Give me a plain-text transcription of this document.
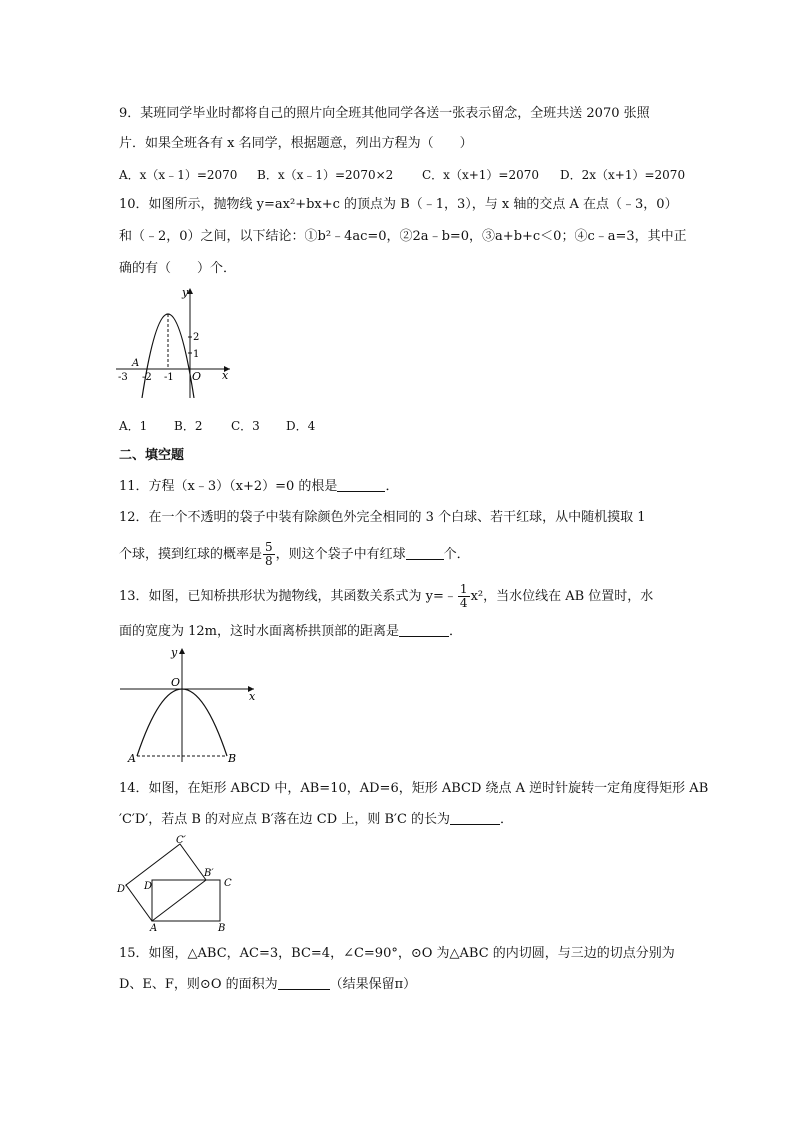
9．某班同学毕业时都将自己的照片向全班其他同学各送一张表示留念，全班共送 2070 张照
片．如果全班各有 x 名同学，根据题意，列出方程为（　　）
A．x（x﹣1）=2070 B．x（x﹣1）=2070×2 C．x（x+1）=2070 D．2x（x+1）=2070
10．如图所示，抛物线 y=ax²+bx+c 的顶点为 B（﹣1，3），与 x 轴的交点 A 在点（﹣3，0）
和（﹣2，0）之间，以下结论：①b²﹣4ac=0，②2a﹣b=0，③a+b+c＜0；④c﹣a=3，其中正
确的有（　　）个．
y
x
O
2
1
-1
-2
-3
A
A．1 B．2 C．3 D．4
二、填空题
11．方程（x﹣3）（x+2）=0 的根是	．
12．在一个不透明的袋子中装有除颜色外完全相同的 3 个白球、若干红球，从中随机摸取 1
个球，摸到红球的概率是 $\frac{5}{8}$ ，则这个袋子中有红球	个．
13．如图，已知桥拱形状为抛物线，其函数关系式为 y=﹣ $\frac{1}{4} x^2$，当水位线在 AB 位置时，水
面的宽度为 12m，这时水面离桥拱顶部的距离是	．
y
x
O
A	B
14．如图，在矩形 ABCD 中，AB=10，AD=6，矩形 ABCD 绕点 A 逆时针旋转一定角度得矩形 AB
′C′D′，若点 B 的对应点 B′落在边 CD 上，则 B′C 的长为	．
A	B
C
D
B′
C′
D′
15．如图，△ABC，AC=3，BC=4，∠C=90°，⊙O 为△ABC 的内切圆，与三边的切点分别为
D、E、F，则⊙O 的面积为	（结果保留π）
